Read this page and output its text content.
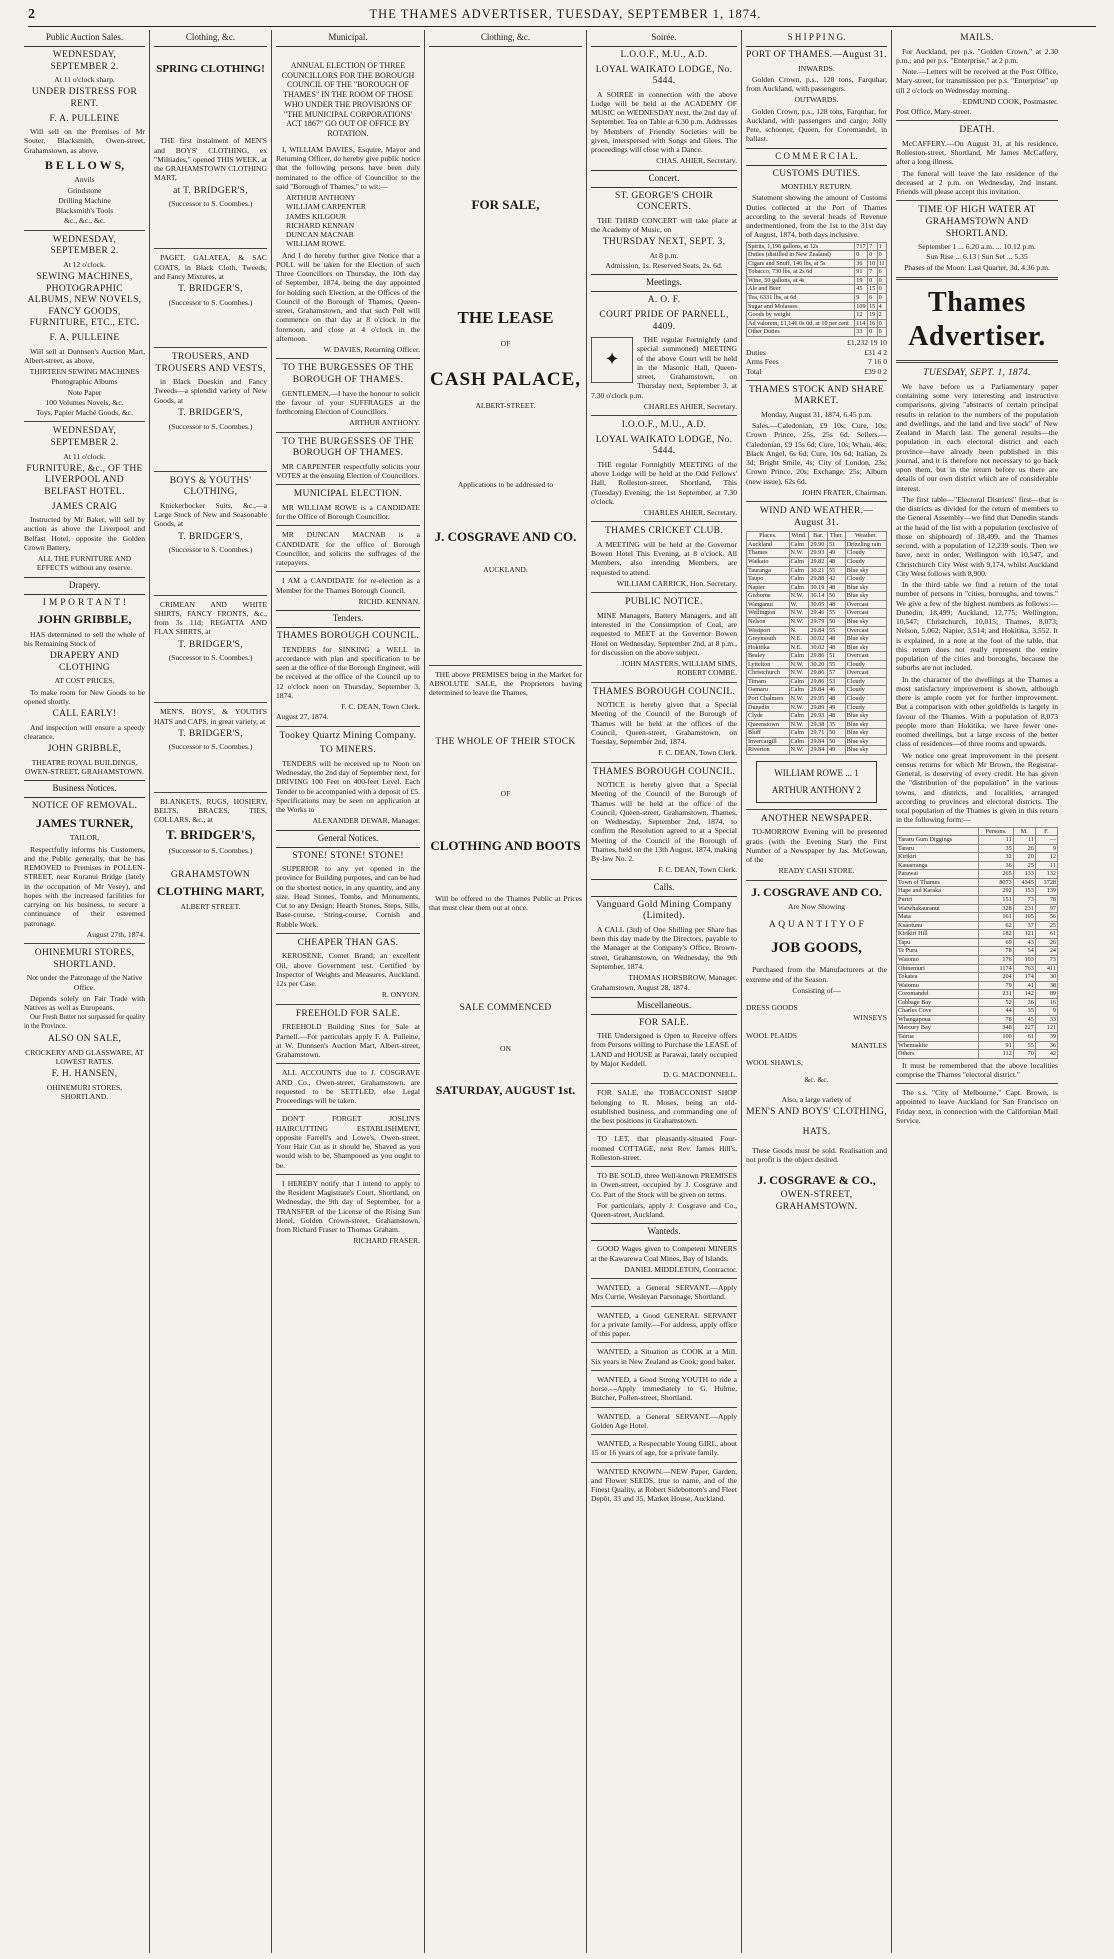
2	THE THAMES ADVERTISER, TUESDAY, SEPTEMBER 1, 1874.
Public Auction Sales.
WEDNESDAY, SEPTEMBER 2.
At 11 o'clock sharp.
UNDER DISTRESS FOR RENT.
F. A. PULLEINE
Will sell on the Premises of Mr Souter, Blacksmith, Owen-street, Grahamstown, as above,
B E L L O W S,
Anvils
Grindstone
Drilling Machine
Blacksmith's Tools
&c., &c., &c.
WEDNESDAY, SEPTEMBER 2.
At 12 o'clock.
SEWING MACHINES, PHOTOGRAPHIC ALBUMS, NEW NOVELS, FANCY GOODS, FURNITURE, ETC., ETC.
F. A. PULLEINE
Will sell at Dunnsen's Auction Mart, Albert-street, as above,
THIRTEEN SEWING MACHINES
Photographic Albums
Note Paper
100 Volumes Novels, &c.
Toys, Papier Maché Goods, &c.
WEDNESDAY, SEPTEMBER 2.
At 11 o'clock.
FURNITURE, &c., OF THE LIVERPOOL AND BELFAST HOTEL.
JAMES CRAIG
Instructed by Mr Baker, will sell by auction as above the Liverpool and Belfast Hotel, opposite the Golden Crown Battery,
ALL THE FURNITURE AND EFFECTS without any reserve.
Drapery.
I M P O R T A N T !
JOHN GRIBBLE,
HAS determined to sell the whole of his Remaining Stock of
DRAPERY AND CLOTHING
AT COST PRICES,
To make room for New Goods to be opened shortly.
CALL EARLY!
And inspection will ensure a speedy clearance.
JOHN GRIBBLE,
THEATRE ROYAL BUILDINGS, OWEN-STREET, GRAHAMSTOWN.
Business Notices.
NOTICE OF REMOVAL.
JAMES TURNER,
TAILOR,
Respectfully informs his Customers, and the Public generally, that he has REMOVED to Premises in POLLEN-STREET, near Kuranui Bridge (lately in the occupation of Mr Vesey), and hopes with the increased facilities for carrying on his business, to secure a continuance of their esteemed patronage.
August 27th, 1874.
OHINEMURI STORES, SHORTLAND.
Not under the Patronage of the Native Office.
Depends solely on Fair Trade with Natives as well as Europeans.
Our Fresh Butter not surpassed for quality in the Province.
ALSO ON SALE,
CROCKERY AND GLASSWARE, AT LOWEST RATES.
F. H. HANSEN,
OHINEMURI STORES, SHORTLAND.
Clothing, &c.
SPRING CLOTHING!
THE first instalment of MEN'S and BOYS' CLOTHING, ex "Miltiades," opened THIS WEEK, at the GRAHAMSTOWN CLOTHING MART,
at T. BRIDGER'S,
(Successor to S. Coombes.)
PAGET, GALATEA, & SAC COATS, in Black Cloth, Tweeds, and Fancy Mixtures, at
T. BRIDGER'S,
(Successor to S. Coombes.)
TROUSERS, AND TROUSERS AND VESTS,
in Black Doeskin and Fancy Tweeds—a splendid variety of New Goods, at
T. BRIDGER'S,
(Successor to S. Coombes.)
BOYS & YOUTHS' CLOTHING,
Knickerbocker Suits, &c.,—a Large Stock of New and Seasonable Goods, at
T. BRIDGER'S,
(Successor to S. Coombes.)
CRIMEAN AND WHITE SHIRTS, FANCY FRONTS, &c., from 3s 11d; REGATTA AND FLAX SHIRTS, at
T. BRIDGER'S,
(Successor to S. Coombes.)
MEN'S, BOYS', & YOUTH'S HATS and CAPS, in great variety, at
T. BRIDGER'S,
(Successor to S. Coombes.)
BLANKETS, RUGS, HOSIERY, BELTS, BRACES, TIES, COLLARS, &c., at
T. BRIDGER'S,
(Successor to S. Coombes.)
GRAHAMSTOWN
CLOTHING MART,
ALBERT STREET.
Municipal.
ANNUAL ELECTION OF THREE COUNCILLORS FOR THE BOROUGH COUNCIL OF THE "BOROUGH OF THAMES" IN THE ROOM OF THOSE WHO UNDER THE PROVISIONS OF "THE MUNICIPAL CORPORATIONS' ACT 1867" GO OUT OF OFFICE BY ROTATION.
I, WILLIAM DAVIES, Esquire, Mayor and Returning Officer, do hereby give public notice that the following persons have been duly nominated to the office of Councillor to the said "Borough of Thames," to wit:—
ARTHUR ANTHONY
WILLIAM CARPENTER
JAMES KILGOUR
RICHARD KENNAN
DUNCAN MACNAB
WILLIAM ROWE.
And I do hereby further give Notice that a POLL will be taken for the Election of such Three Councillors on Thursday, the 10th day of September, 1874, being the day appointed for holding such Election, at the Offices of the Council of the Borough of Thames, Queen-street, Grahamstown, and that such Poll will commence on that day at 8 o'clock in the forenoon, and close at 4 o'clock in the afternoon.
W. DAVIES, Returning Officer.
TO THE BURGESSES OF THE BOROUGH OF THAMES.
GENTLEMEN,—I have the honour to solicit the favour of your SUFFRAGES at the forthcoming Election of Councillors.
ARTHUR ANTHONY.
TO THE BURGESSES OF THE BOROUGH OF THAMES.
MR CARPENTER respectfully solicits your VOTES at the ensuing Election of Councillors.
MUNICIPAL ELECTION.
MR WILLIAM ROWE is a CANDIDATE for the Office of Borough Councillor.
MR DUNCAN MACNAB is a CANDIDATE for the office of Borough Councillor, and solicits the suffrages of the ratepayers.
I AM a CANDIDATE for re-election as a Member for the Thames Borough Council.
RICHD. KENNAN.
Tenders.
THAMES BOROUGH COUNCIL.
TENDERS for SINKING a WELL in accordance with plan and specification to be seen at the office of the Borough Engineer, will be received at the office of the Council up to 12 o'clock noon on Thursday, September 3, 1874.
F. C. DEAN, Town Clerk.
August 27, 1874.
Tookey Quartz Mining Company.
TO MINERS.
TENDERS will be received up to Noon on Wednesday, the 2nd day of September next, for DRIVING 100 Feet on 400-feet Level. Each Tender to be accompanied with a deposit of £5. Specifications may be seen on application at the Works to
ALEXANDER DEWAR, Manager.
General Notices.
STONE! STONE! STONE!
SUPERIOR to any yet opened in the province for Building purposes, and can be had on the shortest notice, in any quantity, and any size. Head Stones, Tombs, and Monuments, Cut to any Design; Hearth Stones, Steps, Sills, Base-course, String-course, Cornish and Rubble Work.
CHEAPER THAN GAS.
KEROSENE, Comet Brand; an excellent Oil, above Government test. Certified by Inspector of Weights and Measures, Auckland. 12s per Case.
R. ONYON.
FREEHOLD FOR SALE.
FREEHOLD Building Sites for Sale at Parnell.—For particulars apply F. A. Pulleine, at W. Dunnsen's Auction Mart, Albert-street, Grahamstown.
ALL ACCOUNTS due to J. COSGRAVE AND Co., Owen-street, Grahamstown, are requested to be SETTLED, else Legal Proceedings will be taken.
DON'T FORGET JOSLIN'S HAIRCUTTING ESTABLISHMENT, opposite Farrell's and Lowe's, Owen-street. Your Hair Cut as it should be, Shaved as you would wish to be, Shampooed as you ought to be.
I HEREBY notify that I intend to apply to the Resident Magistrate's Court, Shortland, on Wednesday, the 9th day of September, for a TRANSFER of the License of the Rising Sun Hotel, Golden Crown-street, Grahamstown, from Richard Fraser to Thomas Graham.
RICHARD FRASER.
Clothing, &c.
FOR SALE,
THE LEASE
OF
CASH PALACE,
ALBERT-STREET.
Applications to be addressed to
J. COSGRAVE AND CO.
AUCKLAND.
THE above PREMISES being in the Market for ABSOLUTE SALE, the Proprietors having determined to leave the Thames,
THE WHOLE OF THEIR STOCK
OF
CLOTHING AND BOOTS
Will be offered to the Thames Public at Prices that must clear them out at once.
SALE COMMENCED
ON
SATURDAY, AUGUST 1st.
Soirée.
L.O.O.F., M.U., A.D.
LOYAL WAIKATO LODGE, No. 5444.
A SOIREE in connection with the above Lodge will be held at the ACADEMY OF MUSIC on WEDNESDAY next, the 2nd day of September. Tea on Table at 6.30 p.m. Addresses by Members of Friendly Societies will be given, interspersed with Songs and Glees. The proceedings will close with a Dance.
CHAS. AHIER, Secretary.
Concert.
ST. GEORGE'S CHOIR CONCERTS.
THE THIRD CONCERT will take place at the Academy of Music, on
THURSDAY NEXT, SEPT. 3,
At 8 p.m.
Admission, 1s. Reserved Seats, 2s. 6d.
Meetings.
A. O. F.
COURT PRIDE OF PARNELL, 4409.
✦
THE regular Fortnightly (and special summoned) MEETING of the above Court will be held in the Masonic Hall, Queen-street, Grahamstown, on Thursday next, September 3, at 7.30 o'clock p.m.
CHARLES AHIER, Secretary.
I.O.O.F., M.U., A.D.
LOYAL WAIKATO LODGE, No. 5444.
THE regular Fortnightly MEETING of the above Lodge will be held at the Odd Fellows' Hall, Rolleston-street, Shortland, This (Tuesday) Evening, the 1st September, at 7.30 o'clock.
CHARLES AHIER, Secretary.
THAMES CRICKET CLUB.
A MEETING will be held at the Governor Bowen Hotel This Evening, at 8 o'clock. All Members, also intending Members, are requested to attend.
WILLIAM CARRICK, Hon. Secretary.
PUBLIC NOTICE.
MINE Managers, Battery Managers, and all interested in the Consumption of Coal, are requested to MEET at the Governor Bowen Hotel on Wednesday, September 2nd, at 8 p.m., for discussion on the above subject.
JOHN MASTERS, WILLIAM SIMS, ROBERT COMBE.
THAMES BOROUGH COUNCIL.
NOTICE is hereby given that a Special Meeting of the Council of the Borough of Thames will be held at the offices of the Council, Queen-street, Grahamstown, on Tuesday, September 2nd, 1874.
F. C. DEAN, Town Clerk.
THAMES BOROUGH COUNCIL.
NOTICE is hereby given that a Special Meeting of the Council of the Borough of Thames will be held at the office of the Council, Queen-street, Grahamstown, Thames, on Wednesday, September 2nd, 1874, to confirm the Resolution agreed to at a Special Meeting of the Council of the Borough of Thames, held on the 13th August, 1874, making By-law No. 2.
F. C. DEAN, Town Clerk.
Calls.
Vanguard Gold Mining Company (Limited).
A CALL (3rd) of One Shilling per Share has been this day made by the Directors, payable to the Manager at the Company's Office, Brown-street, Grahamstown, on Wednesday, the 9th September, 1874.
THOMAS HORSBROW, Manager.
Grahamstown, August 28, 1874.
Miscellaneous.
FOR SALE.
THE Undersigned is Open to Receive offers from Persons willing to Purchase the LEASE of LAND and HOUSE at Parawai, lately occupied by Major Keddell.
D. G. MACDONNELL.
FOR SALE, the TOBACCONIST SHOP belonging to R. Moses, being an old-established business, and commanding one of the best positions in Grahamstown.
TO LET, that pleasantly-situated Four-roomed COTTAGE, next Rev. James Hill's, Rolleston-street.
TO BE SOLD, three Well-known PREMISES in Owen-street, occupied by J. Cosgrave and Co. Part of the Stock will be given on terms.
For particulars, apply J. Cosgrave and Co., Queen-street, Auckland.
Wanteds.
GOOD Wages given to Competent MINERS at the Kawarewa Coal Mines, Bay of Islands.
DANIEL MIDDLETON, Contractor.
WANTED, a General SERVANT.—Apply Mrs Currie, Wesleyan Parsonage, Shortland.
WANTED, a Good GENERAL SERVANT for a private family.—For address, apply office of this paper.
WANTED, a Situation as COOK at a Mill. Six years in New Zealand as Cook; good baker.
WANTED, a Good Strong YOUTH to ride a horse.—Apply immediately to G. Hulme, Butcher, Pollen-street, Shortland.
WANTED, a General SERVANT.—Apply Golden Age Hotel.
WANTED, a Respectable Young GIRL, about 15 or 16 years of age, for a private family.
WANTED KNOWN.—NEW Paper, Garden, and Flower SEEDS, true to name, and of the Finest Quality, at Robert Sidebottom's and Fleet Depôt, 33 and 35, Market House, Auckland.
S H I P P I N G.
PORT OF THAMES.—August 31.
INWARDS.
Golden Crown, p.s., 128 tons, Farquhar, from Auckland, with passengers.
OUTWARDS.
Golden Crown, p.s., 128 tons, Farquhar, for Auckland, with passengers and cargo; Jolly Pete, schooner, Queen, for Coromandel, in ballast.
C O M M E R C I A L.
CUSTOMS DUTIES.
MONTHLY RETURN.
Statement showing the amount of Customs Duties collected at the Port of Thames according to the several heads of Revenue undermentioned, from the 1st to the 31st day of August, 1874, both days inclusive.
Spirits, 1,196 gallons, at 12s	717	7	1
Duties (distilled in New Zealand)	0	0	0
Cigars and Snuff, 146 lbs, at 5s	36	10	11
Tobacco, 730 lbs, at 2s 6d	91	7	6
Wine, 50 gallons, at 4s	19	0	0
Ale and Beer	45	15	0
Tea, 6331 lbs, at 6d	9	6	0
Sugar and Molasses	109	15	4
Goods by weight	12	19	2
Ad valorem, £1,146 0s 0d, at 10 per cent	114	16	0
Other Duties	33	0	0
£1,232 19 10
Duties	£31 4 2
Arms Fees	7 16 0
Total	£39 0 2
THAMES STOCK AND SHARE MARKET.
Monday, August 31, 1874, 6.45 p.m.
Sales.—Caledonian, £9 10s; Cure, 10s; Crown Prince, 25s, 25s 6d. Sellers.—Caledonian, £9 15s 6d; Cure, 10s; Whau, 46s; Black Angel, 6s 6d; Cure, 10s 6d; Italian, 2s 3d; Bright Smile, 4s; City of London, 23s; Crown Prince, 20s; Exchange, 25s; Alburn (new issue), 62s 6d.
JOHN FRATER, Chairman.
WIND AND WEATHER.—August 31.
Places.	Wind.	Bar.	Ther.	Weather.
Auckland	Calm	29.90	51	Drizzling rain
Thames	N.W.	29.93	49	Cloudy
Waikato	Calm	29.82	48	Cloudy
Tauranga	Calm	30.21	55	Blue sky
Taupo	Calm	29.88	42	Cloudy
Napier	Calm	30.19	48	Blue sky
Gisborne	N.W.	30.14	56	Blue sky
Wanganui	W.	30.05	48	Overcast
Wellington	N.W.	29.46	55	Overcast
Nelson	N.W.	29.79	50	Blue sky
Westport	N.	29.84	55	Overcast
Greymouth	N.E.	30.02	48	Blue sky
Hokitika	N.E.	30.02	48	Blue sky
Bealey	Calm	29.86	51	Overcast
Lyttelton	N.W.	30.20	55	Cloudy
Christchurch	N.W.	29.86	57	Overcast
Timaru	Calm	29.86	53	Cloudy
Oamaru	Calm	29.84	46	Cloudy
Port Chalmers	N.W.	29.95	48	Cloudy
Dunedin	N.W.	29.89	49	Cloudy
Clyde	Calm	29.93	48	Blue sky
Queenstown	N.W.	29.38	35	Blue sky
Bluff	Calm	29.71	50	Blue sky
Invercargill	Calm	29.84	50	Blue sky
Riverton	N.W.	29.84	49	Blue sky
WILLIAM ROWE ... 1
ARTHUR ANTHONY 2
ANOTHER NEWSPAPER.
TO-MORROW Evening will be presented gratis (with the Evening Star) the First Number of a Newspaper by Jas. McGowan, of the
READY CASH STORE.
J. COSGRAVE AND CO.
Are Now Showing
A Q U A N T I T Y O F
JOB GOODS,
Purchased from the Manufacturers at the extreme end of the Season.
Consisting of—
DRESS GOODS
WINSEYS
WOOL PLAIDS
MANTLES
WOOL SHAWLS,
&c. &c.
Also, a large variety of
MEN'S AND BOYS' CLOTHING,
HATS.
These Goods must be sold. Realisation and not profit is the object desired.
J. COSGRAVE & CO.,
OWEN-STREET, GRAHAMSTOWN.
MAILS.
For Auckland, per p.s. "Golden Crown," at 2.30 p.m.; and per p.s. "Enterprise," at 2 p.m.
Note.—Letters will be received at the Post Office, Mary-street, for transmission per p.s. "Enterprise" up till 2 o'clock on Wednesday morning.
EDMUND COOK, Postmaster.
Post Office, Mary-street.
DEATH.
McCAFFERY.—On August 31, at his residence, Rolleston-street, Shortland, Mr James McCaffery, after a long illness.
The funeral will leave the late residence of the deceased at 2 p.m. on Wednesday, 2nd instant. Friends will please accept this invitation.
TIME OF HIGH WATER AT GRAHAMSTOWN AND SHORTLAND.
September 1 ... 6.20 a.m. ... 10.12 p.m.
Sun Rise ... 6.13 | Sun Set ... 5.35
Phases of the Moon: Last Quarter, 3d, 4.36 p.m.
Thames Advertiser.
TUESDAY, SEPT. 1, 1874.
We have before us a Parliamentary paper containing some very interesting and instructive comparisons, giving "abstracts of certain principal results in relation to the numbers of the population and dwellings, and the land and live stock" of New Zealand in March last. The general results—the population in each electoral district and each province—have already been published in this journal, and it is therefore not necessary to go back upon them, but in the return before us there are details of our own district which are of considerable interest.
The first table—"Electoral Districts" first—that is the districts as divided for the return of members to the General Assembly—we find that Dunedin stands at the head of the list with a population (exclusive of those on shipboard) of 18,499, and the Thames second, with a population of 12,239 souls. Then we have, next in order, Wellington with 10,547, and Christchurch City West with 9,174, whilst Auckland City West follows with 8,900.
In the third table we find a return of the total number of persons in "cities, boroughs, and towns." We give a few of the highest numbers as follows:—Dunedin, 18,499; Auckland, 12,775; Wellington, 10,547; Christchurch, 10,015; Thames, 8,073; Nelson, 5,062; Napier, 3,514; and Hokitika, 3,552. It is explained, in a note at the foot of the table, that this return does not really represent the entire population of the cities and boroughs, because the suburbs are not included.
In the character of the dwellings at the Thames a most satisfactory improvement is shown, although there is ample room yet for further improvement. But a comparison with other goldfields is largely in favour of the Thames. With a population of 8,073 people more than Hokitika, we have fewer one-roomed dwellings, but a large excess of the better class of residences—of three rooms and upwards.
We notice one great improvement in the present census returns for which Mr Brown, the Registrar-General, is deserving of every credit. He has given the "distribution of the population" in the various towns, and districts, and localities, arranged according to provinces and electoral districts. The total population of the Thames is given in this return in the following form:—
	Persons.	M.	F.
Tararu Gum Diggings	11	11	—
Tararu	35	26	9
Kirikiri	32	20	12
Kauaeranga	36	25	11
Parawai	265	133	132
Town of Thames	8073	4345	3728
Hape and Karaka	292	153	139
Puriri	151	73	78
Waiwhakauranui	328	231	97
Mata	161	105	56
Kuaotunu	62	37	25
Kirikiri Hill	182	121	61
Tapu	69	43	26
Te Puru	78	54	24
Waiomo	176	103	73
Ohinemuri	1174	763	411
Tokatea	204	174	30
Waiomu	79	41	38
Coromandel	231	142	89
Cabbage Bay	52	36	16
Charles Cove	44	35	9
Whangapoua	78	45	33
Mercury Bay	348	227	121
Tairua	100	61	39
Whenuakite	91	55	36
Others	112	70	42
It must be remembered that the above localities comprise the Thames "electoral district."
The s.s. "City of Melbourne," Capt. Brown, is appointed to leave Auckland for San Francisco on Friday next, in connection with the Californian Mail Service.
